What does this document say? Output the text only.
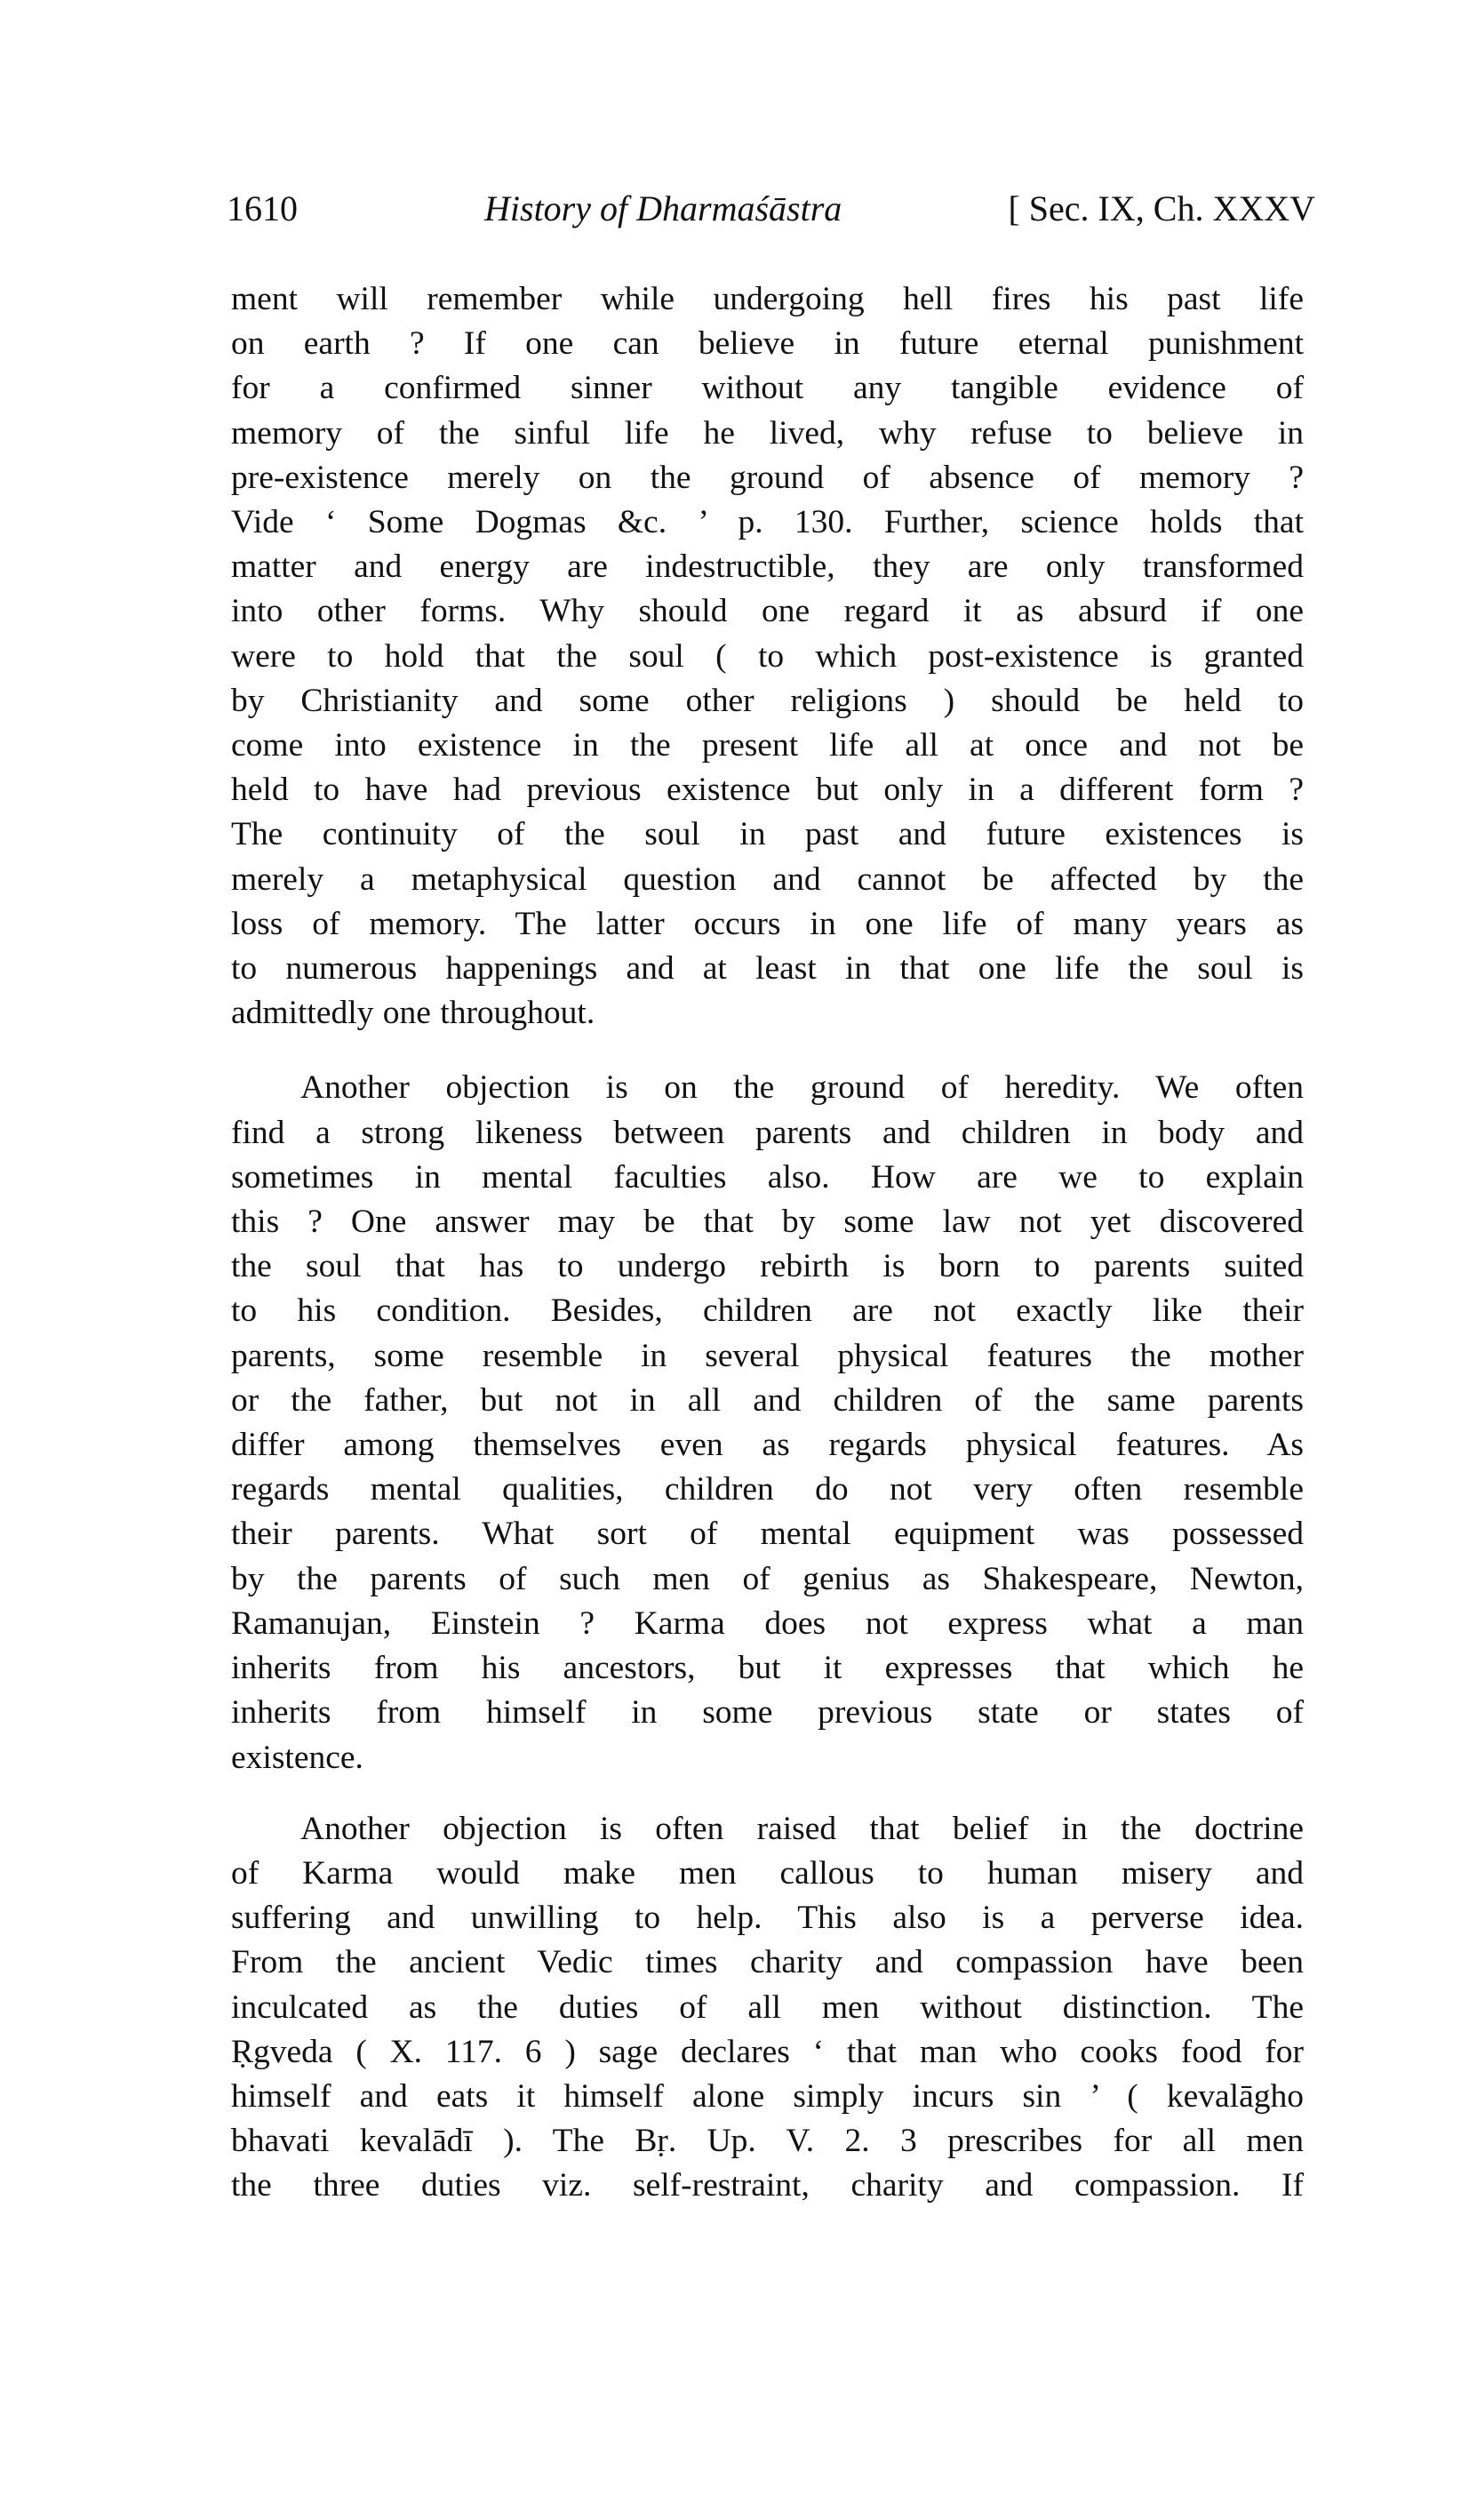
1610	History of Dharmaśāstra	[ Sec. IX, Ch. XXXV
ment will remember while undergoing hell fires his past life
on earth ? If one can believe in future eternal punishment
for a confirmed sinner without any tangible evidence of
memory of the sinful life he lived, why refuse to believe in
pre-existence merely on the ground of absence of memory ?
Vide ‘ Some Dogmas &c. ’ p. 130. Further, science holds that
matter and energy are indestructible, they are only transformed
into other forms. Why should one regard it as absurd if one
were to hold that the soul ( to which post-existence is granted
by Christianity and some other religions ) should be held to
come into existence in the present life all at once and not be
held to have had previous existence but only in a different form ?
The continuity of the soul in past and future existences is
merely a metaphysical question and cannot be affected by the
loss of memory. The latter occurs in one life of many years as
to numerous happenings and at least in that one life the soul is
admittedly one throughout.
Another objection is on the ground of heredity. We often
find a strong likeness between parents and children in body and
sometimes in mental faculties also. How are we to explain
this ? One answer may be that by some law not yet discovered
the soul that has to undergo rebirth is born to parents suited
to his condition. Besides, children are not exactly like their
parents, some resemble in several physical features the mother
or the father, but not in all and children of the same parents
differ among themselves even as regards physical features. As
regards mental qualities, children do not very often resemble
their parents. What sort of mental equipment was possessed
by the parents of such men of genius as Shakespeare, Newton,
Ramanujan, Einstein ? Karma does not express what a man
inherits from his ancestors, but it expresses that which he
inherits from himself in some previous state or states of
existence.
Another objection is often raised that belief in the doctrine
of Karma would make men callous to human misery and
suffering and unwilling to help. This also is a perverse idea.
From the ancient Vedic times charity and compassion have been
inculcated as the duties of all men without distinction. The
Ṛgveda ( X. 117. 6 ) sage declares ‘ that man who cooks food for
himself and eats it himself alone simply incurs sin ’ ( kevalāgho
bhavati kevalādī ). The Bṛ. Up. V. 2. 3 prescribes for all men
the three duties viz. self-restraint, charity and compassion. If
